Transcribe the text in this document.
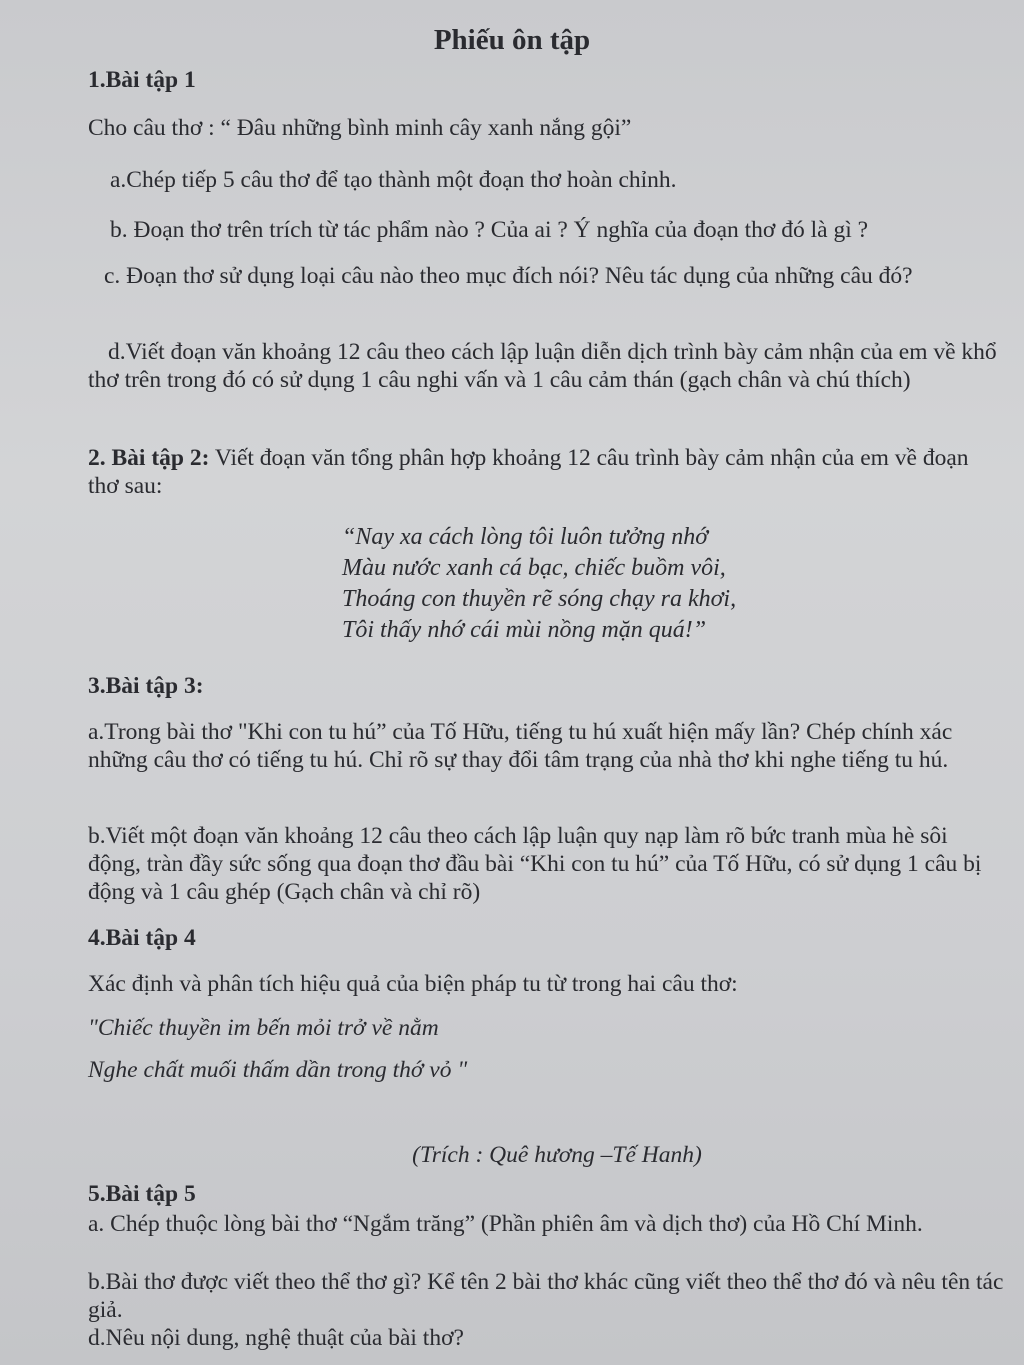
Phiếu ôn tập
1.Bài tập 1
Cho câu thơ : “ Đâu những bình minh cây xanh nắng gội”
a.Chép tiếp 5 câu thơ để tạo thành một đoạn thơ hoàn chỉnh.
b. Đoạn thơ trên trích từ tác phẩm nào ? Của ai ? Ý nghĩa của đoạn thơ đó là gì ?
c. Đoạn thơ sử dụng loại câu nào theo mục đích nói? Nêu tác dụng của những câu đó?
d.Viết đoạn văn khoảng 12 câu theo cách lập luận diễn dịch trình bày cảm nhận của em về khổ thơ trên trong đó có sử dụng 1 câu nghi vấn và 1 câu cảm thán (gạch chân và chú thích)
2. Bài tập 2: Viết đoạn văn tổng phân hợp khoảng 12 câu trình bày cảm nhận của em về đoạn thơ sau:
“Nay xa cách lòng tôi luôn tưởng nhớ
Màu nước xanh cá bạc, chiếc buồm vôi,
Thoáng con thuyền rẽ sóng chạy ra khơi,
Tôi thấy nhớ cái mùi nồng mặn quá!”
3.Bài tập 3:
a.Trong bài thơ "Khi con tu hú” của Tố Hữu, tiếng tu hú xuất hiện mấy lần? Chép chính xác những câu thơ có tiếng tu hú. Chỉ rõ sự thay đổi tâm trạng của nhà thơ khi nghe tiếng tu hú.
b.Viết một đoạn văn khoảng 12 câu theo cách lập luận quy nạp làm rõ bức tranh mùa hè sôi động, tràn đầy sức sống qua đoạn thơ đầu bài “Khi con tu hú” của Tố Hữu, có sử dụng 1 câu bị động và 1 câu ghép (Gạch chân và chỉ rõ)
4.Bài tập 4
Xác định và phân tích hiệu quả của biện pháp tu từ trong hai câu thơ:
"Chiếc thuyền im bến mỏi trở về nằm
Nghe chất muối thấm dần trong thớ vỏ "
(Trích : Quê hương –Tế Hanh)
5.Bài tập 5
a. Chép thuộc lòng bài thơ “Ngắm trăng” (Phần phiên âm và dịch thơ) của Hồ Chí Minh.
b.Bài thơ được viết theo thể thơ gì? Kể tên 2 bài thơ khác cũng viết theo thể thơ đó và nêu tên tác giả.
d.Nêu nội dung, nghệ thuật của bài thơ?
